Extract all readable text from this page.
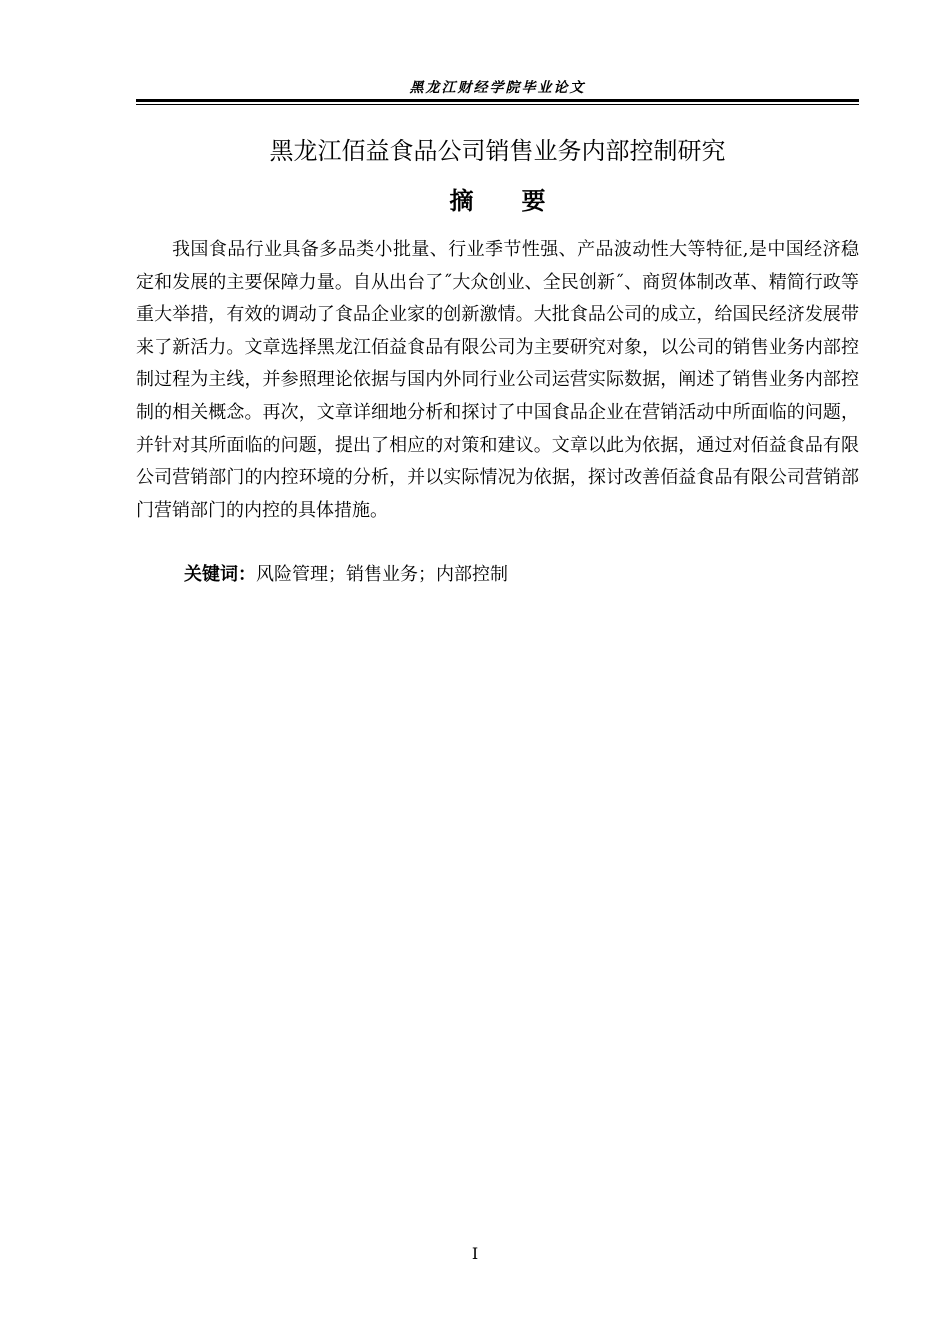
黑龙江财经学院毕业论文
黑龙江佰益食品公司销售业务内部控制研究
摘 要

我国食品行业具备多品类小批量、行业季节性强、产品波动性大等特征,是中国经济稳定和发展的主要保障力量。自从出台了˝大众创业、全民创新˝、商贸体制改革、精简行政等重大举措，有效的调动了食品企业家的创新激情。大批食品公司的成立，给国民经济发展带来了新活力。文章选择黑龙江佰益食品有限公司为主要研究对象，以公司的销售业务内部控制过程为主线，并参照理论依据与国内外同行业公司运营实际数据，阐述了销售业务内部控制的相关概念。再次，文章详细地分析和探讨了中国食品企业在营销活动中所面临的问题，并针对其所面临的问题，提出了相应的对策和建议。文章以此为依据，通过对佰益食品有限公司营销部门的内控环境的分析，并以实际情况为依据，探讨改善佰益食品有限公司营销部门营销部门的内控的具体措施。

关键词：风险管理；销售业务；内部控制
I
